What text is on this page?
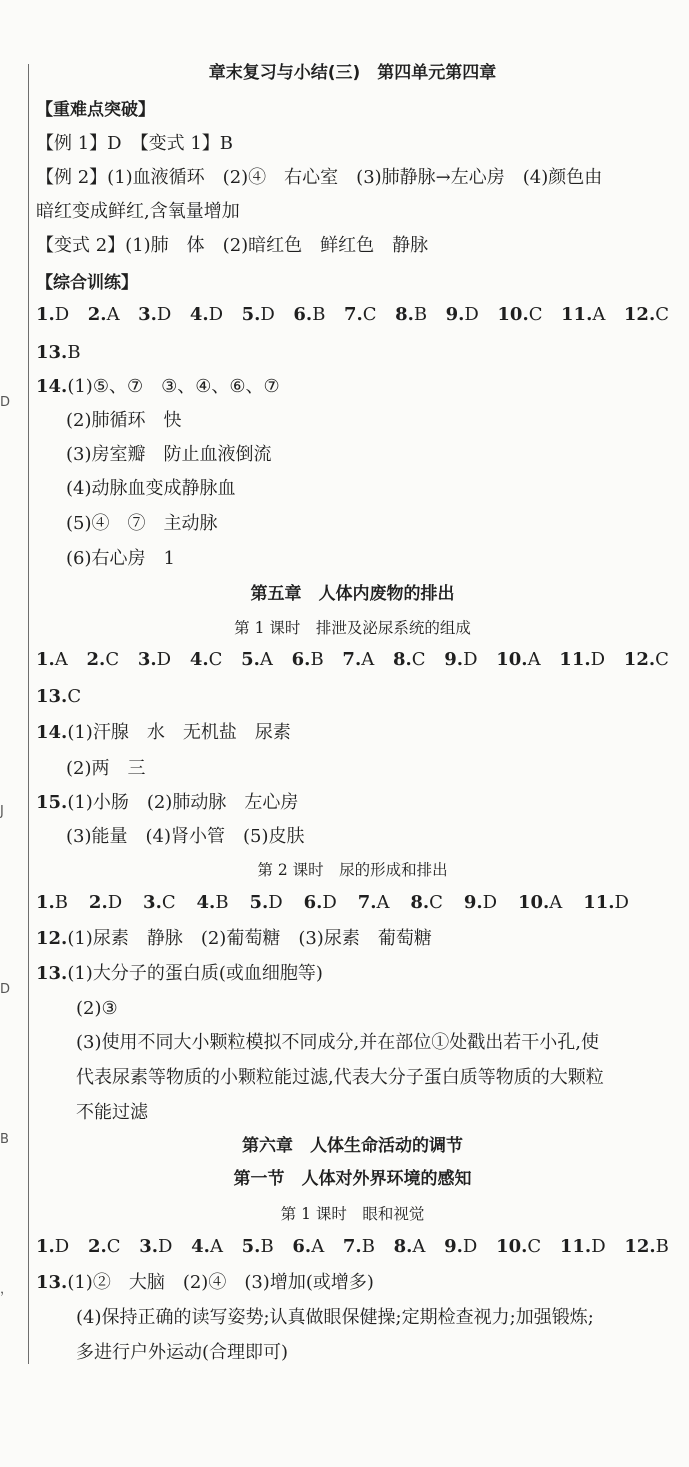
D
J
D
B
，
章末复习与小结(三)　第四单元第四章
【重难点突破】
【例 1】D　【变式 1】B
【例 2】(1)血液循环　(2)④　右心室　(3)肺静脉→左心房　(4)颜色由
暗红变成鲜红,含氧量增加
【变式 2】(1)肺　体　(2)暗红色　鲜红色　静脉
【综合训练】
1.D 2.A 3.D 4.D 5.D 6.B 7.C 8.B 9.D 10.C 11.A 12.C
13.B
14.(1)⑤、⑦　③、④、⑥、⑦
(2)肺循环　快
(3)房室瓣　防止血液倒流
(4)动脉血变成静脉血
(5)④　⑦　主动脉
(6)右心房　1
第五章　人体内废物的排出
第 1 课时　排泄及泌尿系统的组成
1.A 2.C 3.D 4.C 5.A 6.B 7.A 8.C 9.D 10.A 11.D 12.C
13.C
14.(1)汗腺　水　无机盐　尿素
(2)两　三
15.(1)小肠　(2)肺动脉　左心房
(3)能量　(4)肾小管　(5)皮肤
第 2 课时　尿的形成和排出
1.B 2.D 3.C 4.B 5.D 6.D 7.A 8.C 9.D 10.A 11.D
12.(1)尿素　静脉　(2)葡萄糖　(3)尿素　葡萄糖
13.(1)大分子的蛋白质(或血细胞等)
(2)③
(3)使用不同大小颗粒模拟不同成分,并在部位①处戳出若干小孔,使
代表尿素等物质的小颗粒能过滤,代表大分子蛋白质等物质的大颗粒
不能过滤
第六章　人体生命活动的调节
第一节　人体对外界环境的感知
第 1 课时　眼和视觉
1.D 2.C 3.D 4.A 5.B 6.A 7.B 8.A 9.D 10.C 11.D 12.B
13.(1)②　大脑　(2)④　(3)增加(或增多)
(4)保持正确的读写姿势;认真做眼保健操;定期检查视力;加强锻炼;
多进行户外运动(合理即可)
